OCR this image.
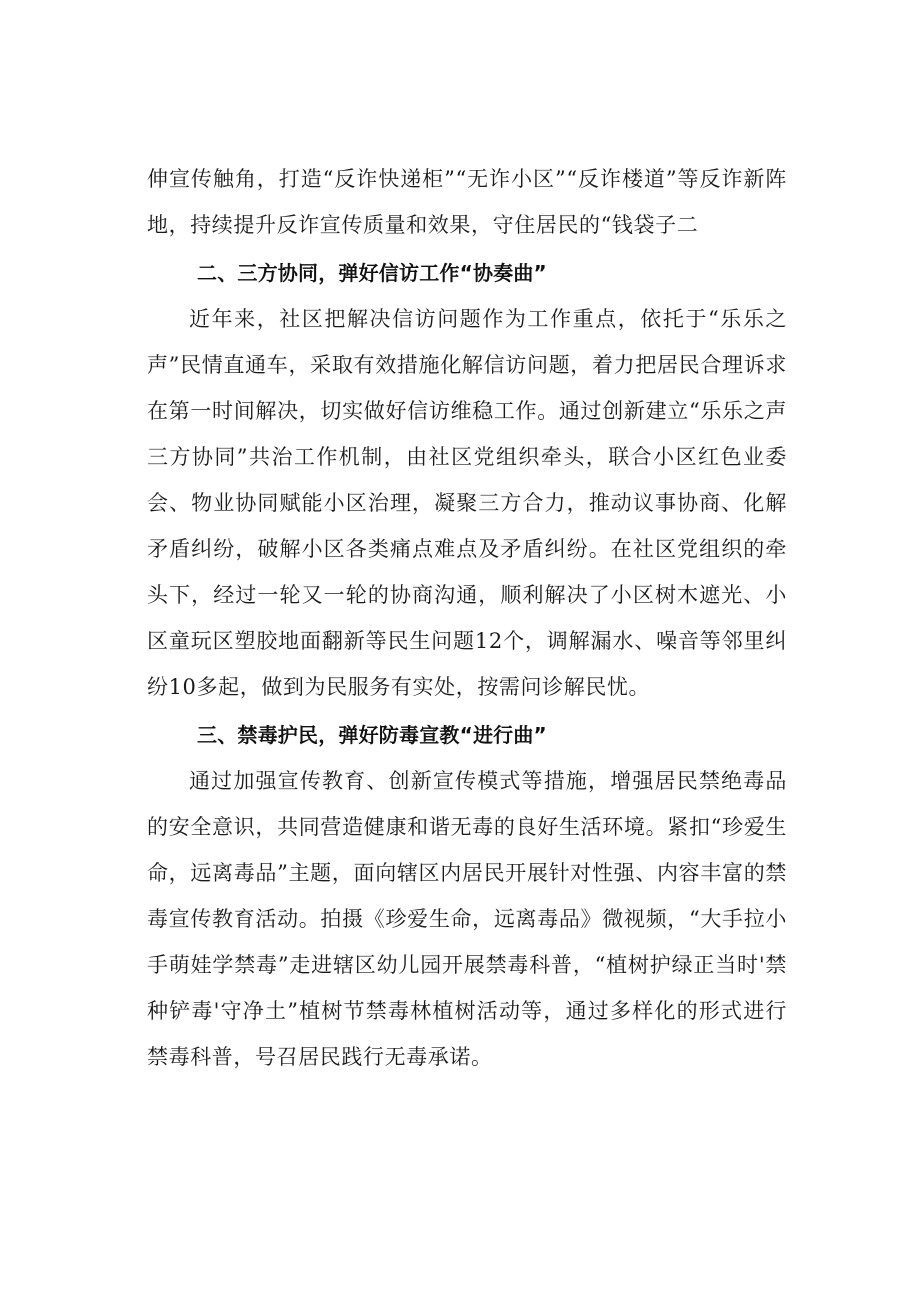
伸宣传触角，打造“反诈快递柜”“无诈小区”“反诈楼道”等反诈新阵地，持续提升反诈宣传质量和效果，守住居民的“钱袋子二

二、三方协同，弹好信访工作“协奏曲”

近年来，社区把解决信访问题作为工作重点，依托于“乐乐之声”民情直通车，采取有效措施化解信访问题，着力把居民合理诉求在第一时间解决，切实做好信访维稳工作。通过创新建立“乐乐之声三方协同”共治工作机制，由社区党组织牵头，联合小区红色业委会、物业协同赋能小区治理，凝聚三方合力，推动议事协商、化解矛盾纠纷，破解小区各类痛点难点及矛盾纠纷。在社区党组织的牵头下，经过一轮又一轮的协商沟通，顺利解决了小区树木遮光、小区童玩区塑胶地面翻新等民生问题12个，调解漏水、噪音等邻里纠纷10多起，做到为民服务有实处，按需问诊解民忧。

三、禁毒护民，弹好防毒宣教“进行曲”

通过加强宣传教育、创新宣传模式等措施，增强居民禁绝毒品的安全意识，共同营造健康和谐无毒的良好生活环境。紧扣“珍爱生命，远离毒品”主题，面向辖区内居民开展针对性强、内容丰富的禁毒宣传教育活动。拍摄《珍爱生命，远离毒品》微视频，“大手拉小手萌娃学禁毒”走进辖区幼儿园开展禁毒科普，“植树护绿正当时'禁种铲毒'守净土”植树节禁毒林植树活动等，通过多样化的形式进行禁毒科普，号召居民践行无毒承诺。
